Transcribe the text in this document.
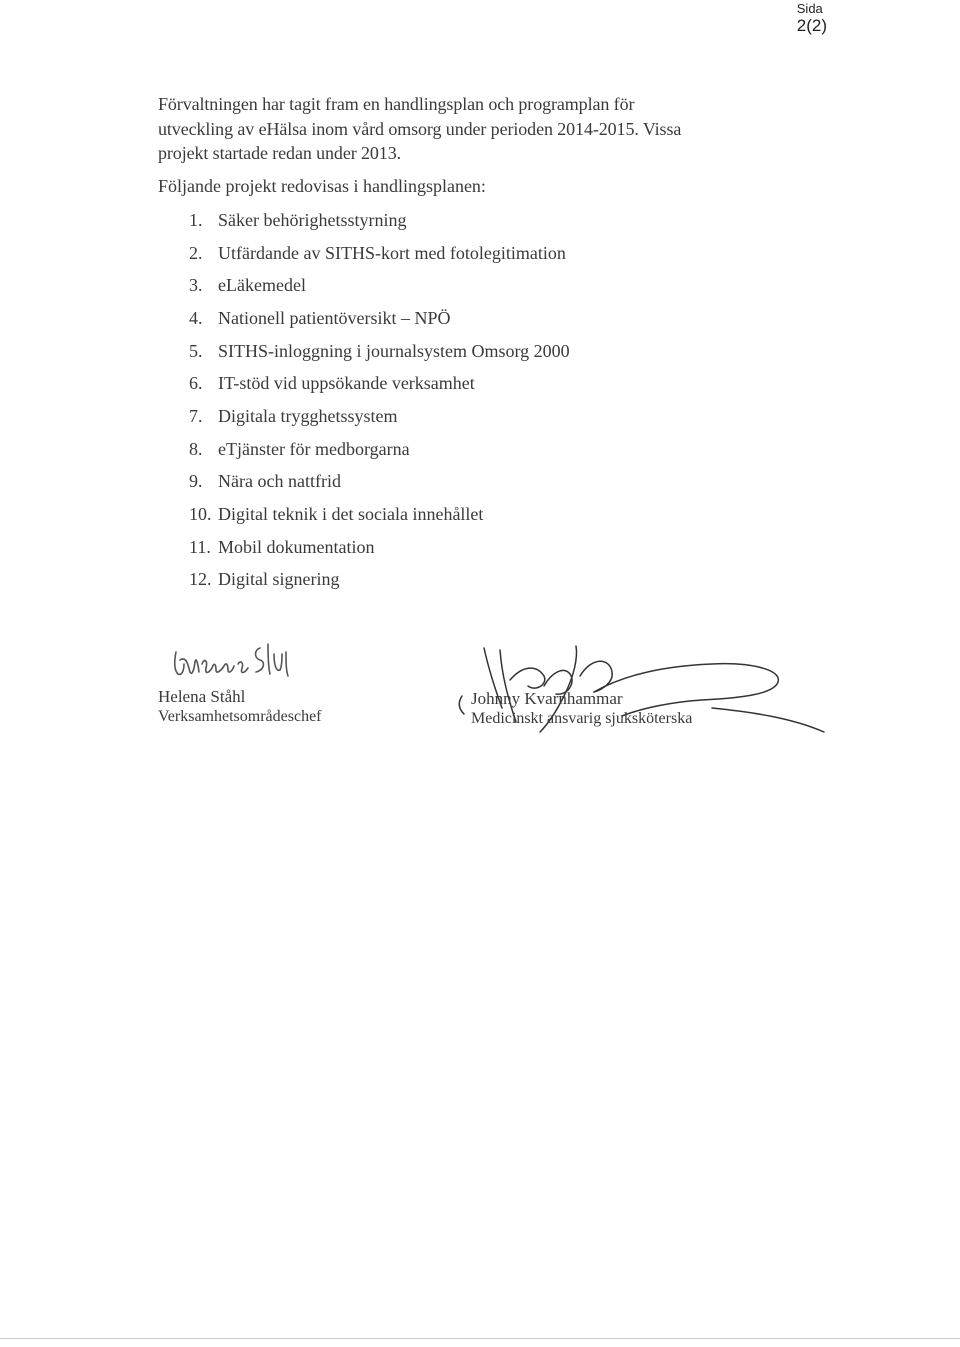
Sida
2(2)

Förvaltningen har tagit fram en handlingsplan och programplan för

utveckling av eHälsa inom vård omsorg under perioden 2014-2015. Vissa

projekt startade redan under 2013.

Följande projekt redovisas i handlingsplanen:
1. Säker behörighetsstyrning
2. Utfärdande av SITHS-kort med fotolegitimation
3. eLäkemedel
4. Nationell patientöversikt – NPÖ
5. SITHS-inloggning i journalsystem Omsorg 2000
6. IT-stöd vid uppsökande verksamhet
7. Digitala trygghetssystem
8. eTjänster för medborgarna
9. Nära och nattfrid
10. Digital teknik i det sociala innehållet
11. Mobil dokumentation
12. Digital signering
Helena Ståhl
Verksamhetsområdeschef
Johnny Kvarnhammar
Medicinskt ansvarig sjuksköterska
